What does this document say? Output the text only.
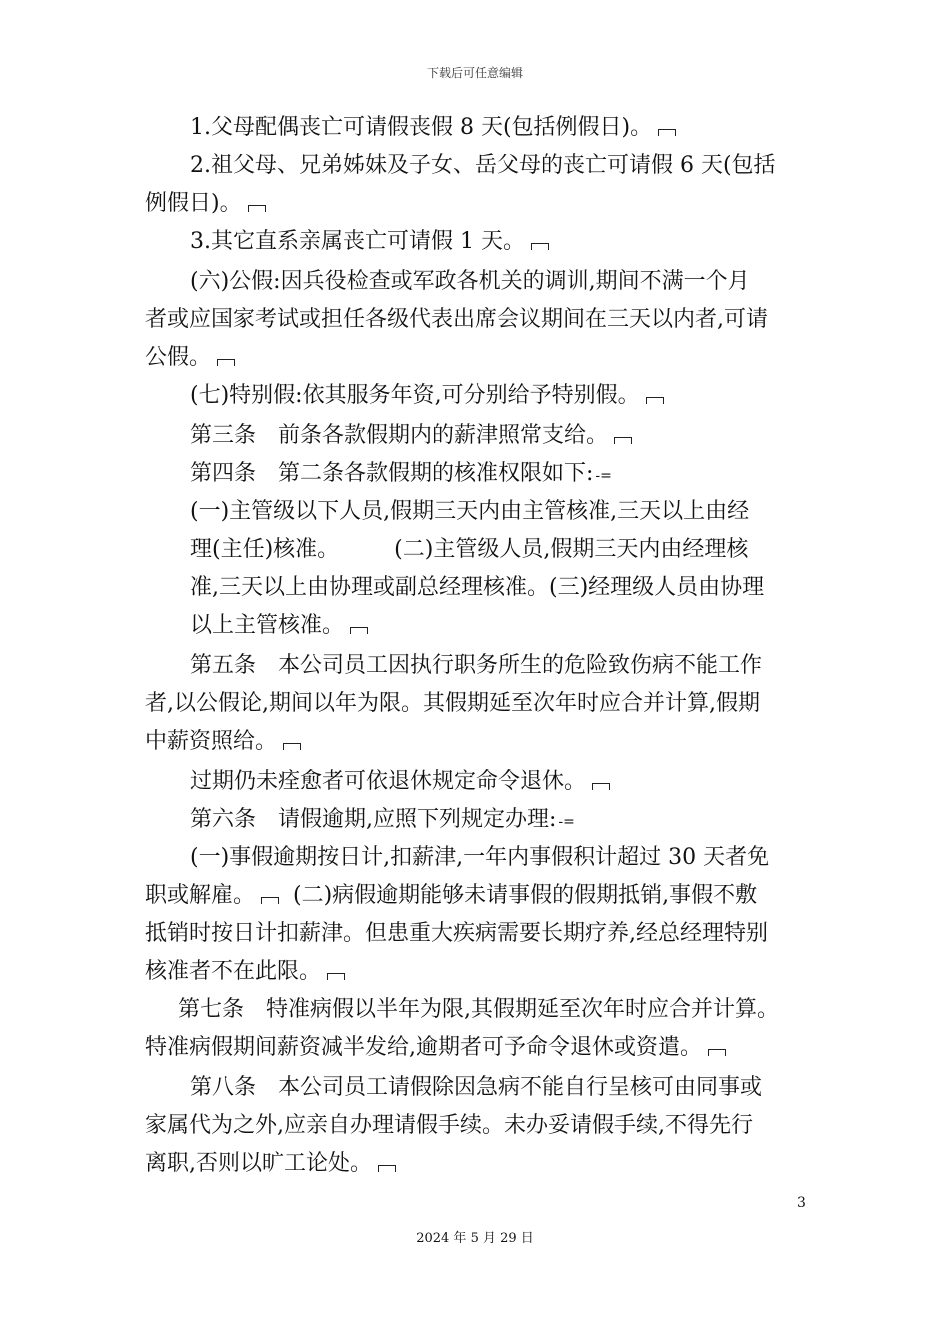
下载后可任意编辑
1.父母配偶丧亡可请假丧假 8 天(包括例假日)。
2.祖父母、兄弟姊妹及子女、岳父母的丧亡可请假 6 天(包括
例假日)。
3.其它直系亲属丧亡可请假 1 天。
(六)公假:因兵役检查或军政各机关的调训,期间不满一个月
者或应国家考试或担任各级代表出席会议期间在三天以内者,可请
公假。
(七)特别假:依其服务年资,可分别给予特别假。
第三条　前条各款假期内的薪津照常支给。
第四条　第二条各款假期的核准权限如下: -=
(一)主管级以下人员,假期三天内由主管核准,三天以上由经
理(主任)核准。　　　(二)主管级人员,假期三天内由经理核
准,三天以上由协理或副总经理核准。(三)经理级人员由协理
以上主管核准。
第五条　本公司员工因执行职务所生的危险致伤病不能工作
者,以公假论,期间以年为限。其假期延至次年时应合并计算,假期
中薪资照给。
过期仍未痊愈者可依退休规定命令退休。
第六条　请假逾期,应照下列规定办理: -=
(一)事假逾期按日计,扣薪津,一年内事假积计超过 30 天者免
职或解雇。 (二)病假逾期能够未请事假的假期抵销,事假不敷
抵销时按日计扣薪津。但患重大疾病需要长期疗养,经总经理特别
核准者不在此限。
第七条　特准病假以半年为限,其假期延至次年时应合并计算。
特准病假期间薪资减半发给,逾期者可予命令退休或资遣。
第八条　本公司员工请假除因急病不能自行呈核可由同事或
家属代为之外,应亲自办理请假手续。未办妥请假手续,不得先行
离职,否则以旷工论处。
3
2024 年 5 月 29 日
